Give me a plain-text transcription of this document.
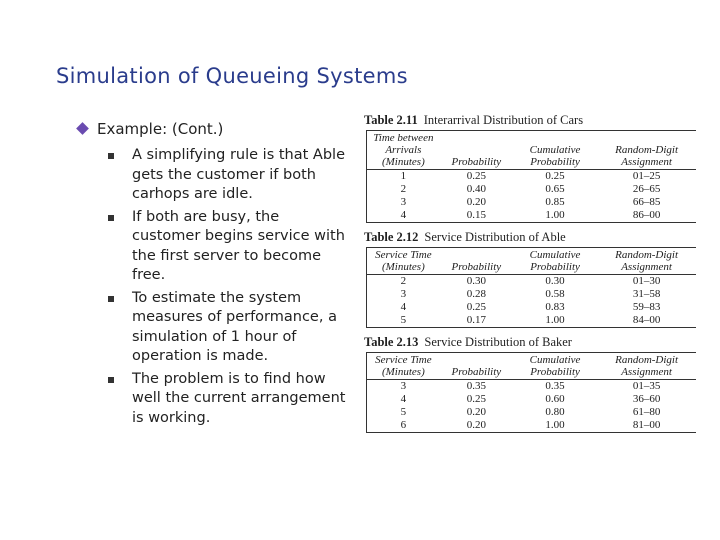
Simulation of Queueing Systems
Example: (Cont.)
A simplifying rule is that Able gets the customer if both carhops are idle.
If both are busy, the customer begins service with the first server to become free.
To estimate the system measures of performance, a simulation of 1 hour of operation is made.
The problem is to find how well the current arrangement is working.
Table 2.11 Interarrival Distribution of Cars
Time between Arrivals (Minutes)	Probability	Cumulative Probability	Random-Digit Assignment
1	0.25	0.25	01–25
2	0.40	0.65	26–65
3	0.20	0.85	66–85
4	0.15	1.00	86–00
Table 2.12 Service Distribution of Able
Service Time (Minutes)	Probability	Cumulative Probability	Random-Digit Assignment
2	0.30	0.30	01–30
3	0.28	0.58	31–58
4	0.25	0.83	59–83
5	0.17	1.00	84–00
Table 2.13 Service Distribution of Baker
Service Time (Minutes)	Probability	Cumulative Probability	Random-Digit Assignment
3	0.35	0.35	01–35
4	0.25	0.60	36–60
5	0.20	0.80	61–80
6	0.20	1.00	81–00
